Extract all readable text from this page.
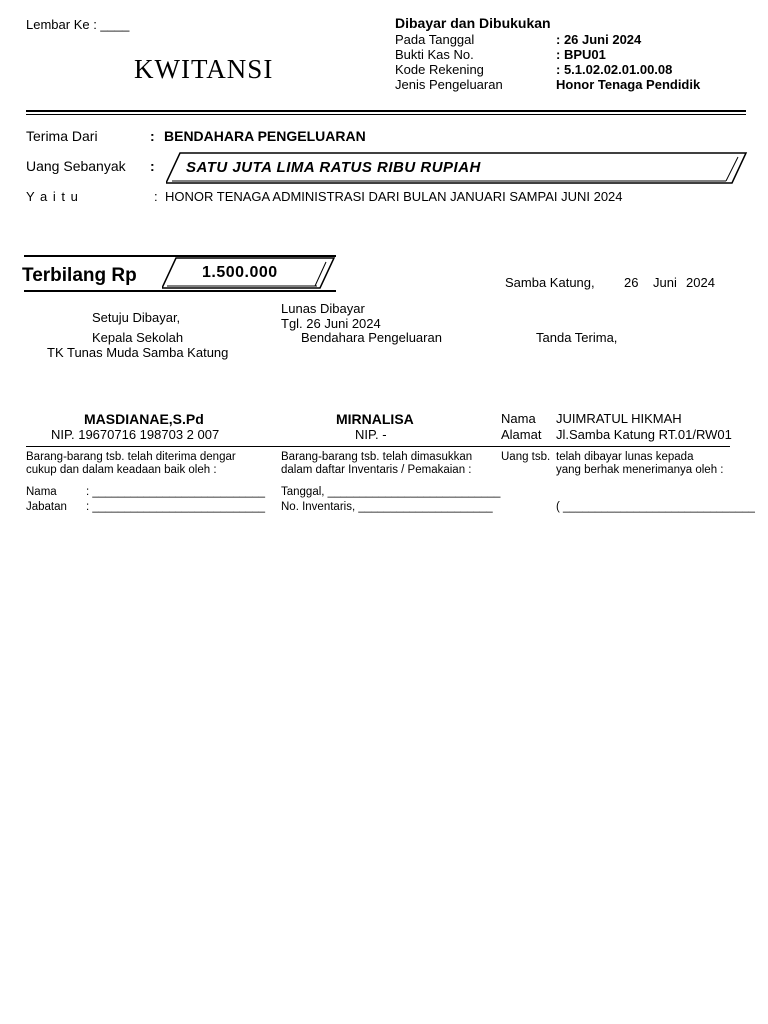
Lembar Ke : ____
KWITANSI
Dibayar dan Dibukukan
Pada Tanggal	: 26 Juni 2024
Bukti Kas No.	: BPU01
Kode Rekening	: 5.1.02.02.01.00.08
Jenis Pengeluaran	Honor Tenaga Pendidik
Terima Dari	: BENDAHARA PENGELUARAN
Uang Sebanyak : SATU JUTA LIMA RATUS RIBU RUPIAH
Y a i t u	: HONOR TENAGA ADMINISTRASI DARI BULAN JANUARI SAMPAI JUNI 2024
Terbilang Rp	1.500.000
Samba Katung, 26 Juni 2024
Setuju Dibayar,
Kepala Sekolah
TK Tunas Muda Samba Katung
Lunas Dibayar
Tgl. 26 Juni 2024
Bendahara Pengeluaran	Tanda Terima,
MASDIANAE,S.Pd
NIP. 19670716 198703 2 007
MIRNALISA
NIP. -
Nama JUIMRATUL HIKMAH
Alamat Jl.Samba Katung RT.01/RW01
Barang-barang tsb. telah diterima dengar
cukup dan dalam keadaan baik oleh :
Nama	: ___________________________
Jabatan : ___________________________
Barang-barang tsb. telah dimasukkan
dalam daftar Inventaris / Pemakaian :
Tanggal, ___________________________
No. Inventaris, _____________________
Uang tsb. telah dibayar lunas kepada
yang berhak menerimanya oleh :
( ______________________________
